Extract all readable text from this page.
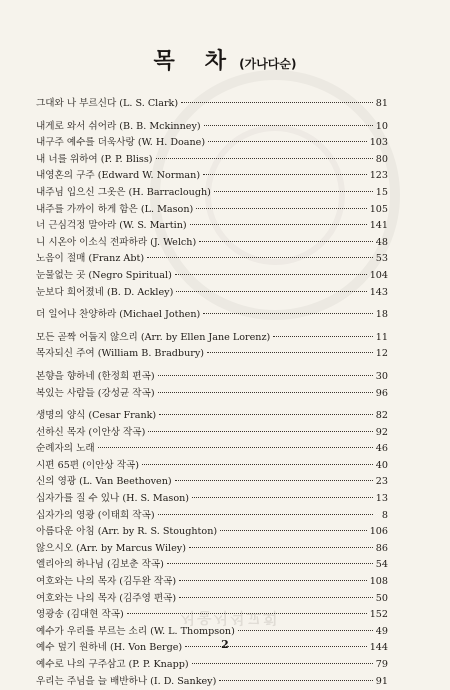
서울서석교회
목차 (가나다순)
그대와 나 부르신다 (L. S. Clark)	81
내게로 와서 쉬어라 (B. B. Mckinney)	10
내구주 예수를 더욱사랑 (W. H. Doane)	103
내 너를 위하여 (P. P. Bliss)	80
내영혼의 구주 (Edward W. Norman)	123
내주님 입으신 그옷은 (H. Barraclough)	15
내주를 가까이 하게 함은 (L. Mason)	105
너 근심걱정 말아라 (W. S. Martin)	141
니 시온아 이소식 전파하라 (J. Welch)	48
노음이 절매 (Franz Abt)	53
눈물없는 곳 (Negro Spiritual)	104
눈보다 희어졌네 (B. D. Ackley)	143
더 일어나 찬양하라 (Michael Jothen)	18
모든 곧짝 어둡지 않으리 (Arr. by Ellen Jane Lorenz)	11
목자되신 주여 (William B. Bradbury)	12
본향을 향하네 (한정희 편곡)	30
복있는 사람들 (강성균 작곡)	96
생명의 양식 (Cesar Frank)	82
선하신 목자 (이안상 작곡)	92
순례자의 노래	46
시편 65편 (이안상 작곡)	40
신의 영광 (L. Van Beethoven)	23
십자가를 질 수 있나 (H. S. Mason)	13
십자가의 영광 (이태희 작곡)	8
아름다운 아침 (Arr. by R. S. Stoughton)	106
않으시오 (Arr. by Marcus Wiley)	86
엘리아의 하나님 (김보춘 작곡)	54
여호와는 나의 목자 (김두완 작곡)	108
여호와는 나의 목자 (김주영 편곡)	50
영광송 (김대현 작곡)	152
예수가 우리를 부르는 소리 (W. L. Thompson)	49
예수 덮기 원하네 (H. Von Berge)	144
예수로 나의 구주삼고 (P. P. Knapp)	79
우리는 주님을 늘 배반하나 (I. D. Sankey)	91
2
